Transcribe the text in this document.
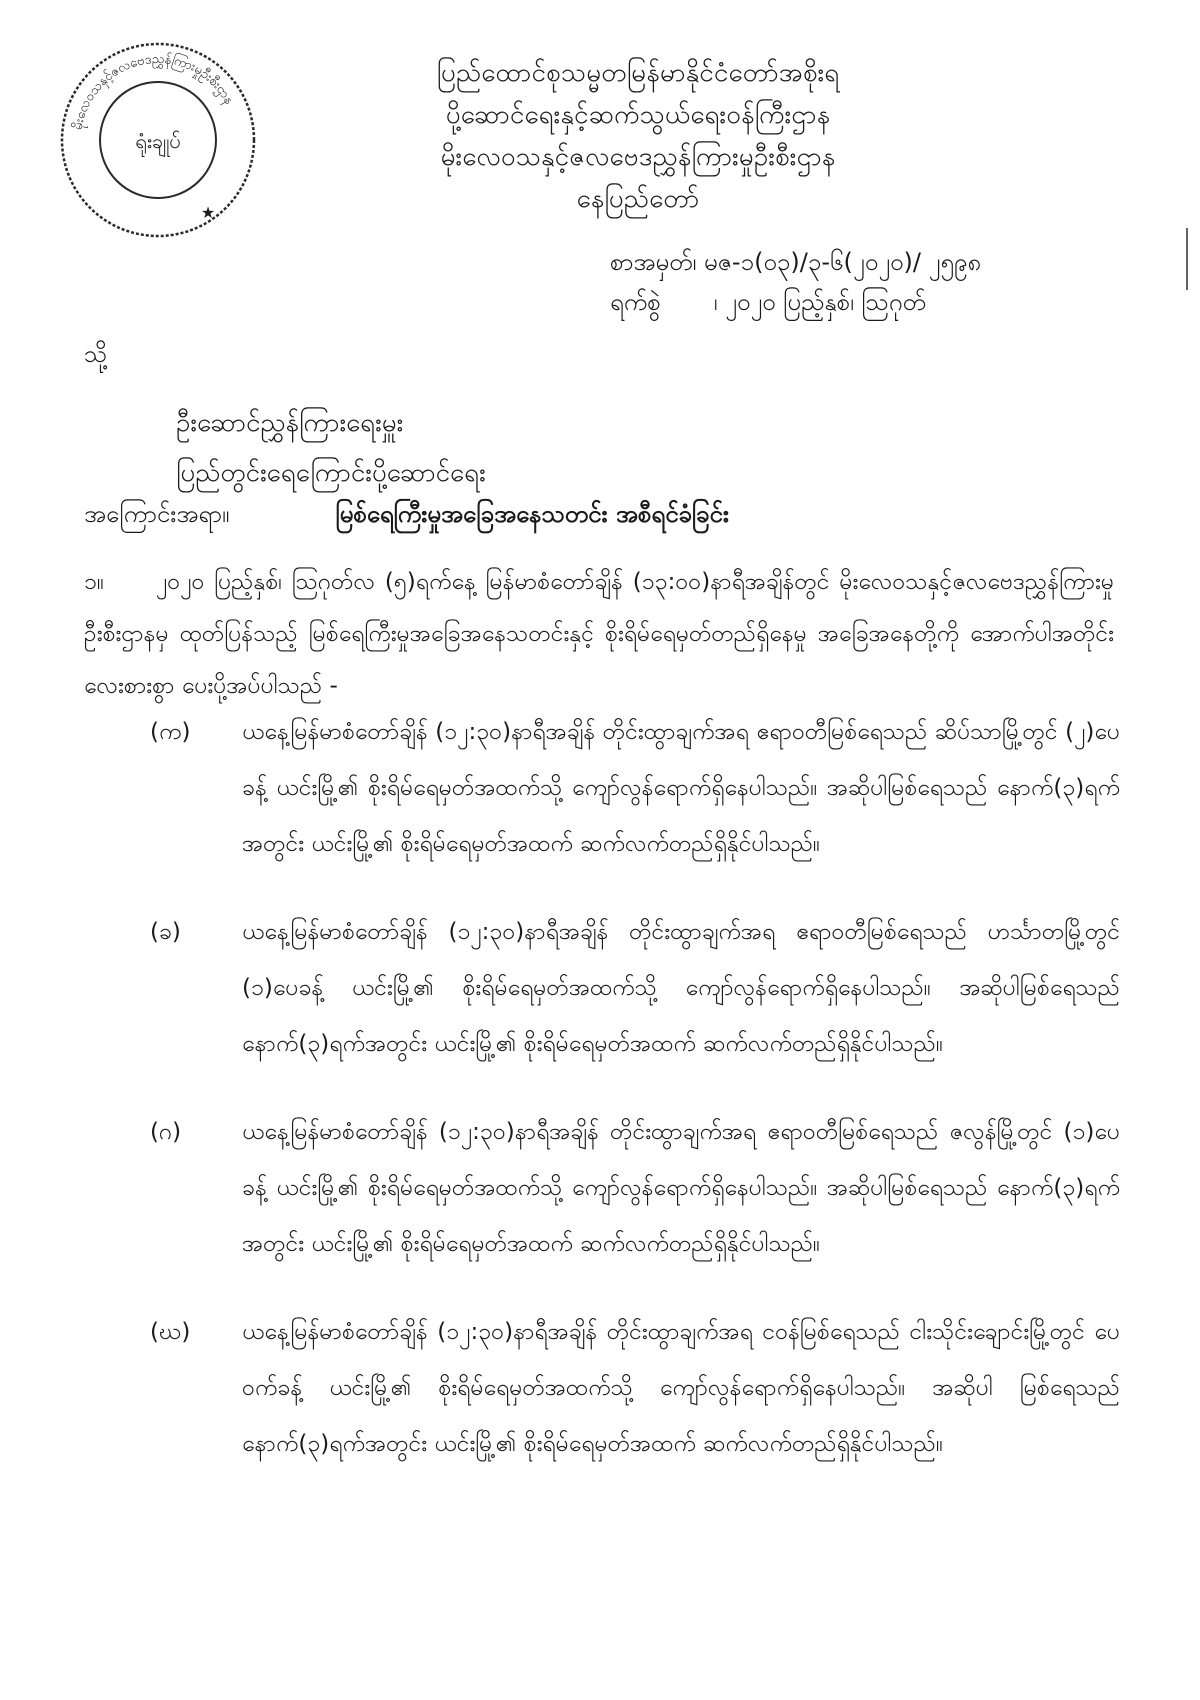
မိုးလေဝသနှင့်ဇလဗေဒညွှန်ကြားမှုဦးစီးဌာန
ရုံးချုပ်
★
ပြည်ထောင်စုသမ္မတမြန်မာနိုင်ငံတော်အစိုးရ
ပို့ဆောင်ရေးနှင့်ဆက်သွယ်ရေးဝန်ကြီးဌာန
မိုးလေဝသနှင့်ဇလဗေဒညွှန်ကြားမှုဦးစီးဌာန
နေပြည်တော်
စာအမှတ်၊ မဇ-၁(၀၃)/၃-၆(၂၀၂၀)/ ၂၅၉၈
ရက်စွဲ ၊ ၂၀၂၀ ပြည့်နှစ်၊ ဩဂုတ်
သို့
ဦးဆောင်ညွှန်ကြားရေးမှူး
ပြည်တွင်းရေကြောင်းပို့ဆောင်ရေး
အကြောင်းအရာ။	မြစ်ရေကြီးမှုအခြေအနေသတင်း အစီရင်ခံခြင်း
၁။ ၂၀၂၀ ပြည့်နှစ်၊ ဩဂုတ်လ (၅)ရက်နေ့ မြန်မာစံတော်ချိန် (၁၃:၀၀)နာရီအချိန်တွင် မိုးလေဝသနှင့်ဇလဗေဒညွှန်ကြားမှုဦးစီးဌာနမှ ထုတ်ပြန်သည့် မြစ်ရေကြီးမှုအခြေအနေသတင်းနှင့် စိုးရိမ်ရေမှတ်တည်ရှိနေမှု အခြေအနေတို့ကို အောက်ပါအတိုင်း လေးစားစွာ ပေးပို့အပ်ပါသည် -
(က)	ယနေ့မြန်မာစံတော်ချိန် (၁၂:၃၀)နာရီအချိန် တိုင်းထွာချက်အရ ဧရာဝတီမြစ်ရေသည် ဆိပ်သာမြို့တွင် (၂)ပေခန့် ယင်းမြို့၏ စိုးရိမ်ရေမှတ်အထက်သို့ ကျော်လွန်ရောက်ရှိနေပါသည်။ အဆိုပါမြစ်ရေသည် နောက်(၃)ရက်အတွင်း ယင်းမြို့၏ စိုးရိမ်ရေမှတ်အထက် ဆက်လက်တည်ရှိနိုင်ပါသည်။
(ခ)	ယနေ့မြန်မာစံတော်ချိန် (၁၂:၃၀)နာရီအချိန် တိုင်းထွာချက်အရ ဧရာဝတီမြစ်ရေသည် ဟင်္သာတမြို့တွင် (၁)ပေခန့် ယင်းမြို့၏ စိုးရိမ်ရေမှတ်အထက်သို့ ကျော်လွန်ရောက်ရှိနေပါသည်။ အဆိုပါမြစ်ရေသည် နောက်(၃)ရက်အတွင်း ယင်းမြို့၏ စိုးရိမ်ရေမှတ်အထက် ဆက်လက်တည်ရှိနိုင်ပါသည်။
(ဂ)	ယနေ့မြန်မာစံတော်ချိန် (၁၂:၃၀)နာရီအချိန် တိုင်းထွာချက်အရ ဧရာဝတီမြစ်ရေသည် ဇလွန်မြို့တွင် (၁)ပေခန့် ယင်းမြို့၏ စိုးရိမ်ရေမှတ်အထက်သို့ ကျော်လွန်ရောက်ရှိနေပါသည်။ အဆိုပါမြစ်ရေသည် နောက်(၃)ရက်အတွင်း ယင်းမြို့၏ စိုးရိမ်ရေမှတ်အထက် ဆက်လက်တည်ရှိနိုင်ပါသည်။
(ဃ)	ယနေ့မြန်မာစံတော်ချိန် (၁၂:၃၀)နာရီအချိန် တိုင်းထွာချက်အရ ငဝန်မြစ်ရေသည် ငါးသိုင်းချောင်းမြို့တွင် ပေဝက်ခန့် ယင်းမြို့၏ စိုးရိမ်ရေမှတ်အထက်သို့ ကျော်လွန်ရောက်ရှိနေပါသည်။ အဆိုပါ မြစ်ရေသည် နောက်(၃)ရက်အတွင်း ယင်းမြို့၏ စိုးရိမ်ရေမှတ်အထက် ဆက်လက်တည်ရှိနိုင်ပါသည်။
